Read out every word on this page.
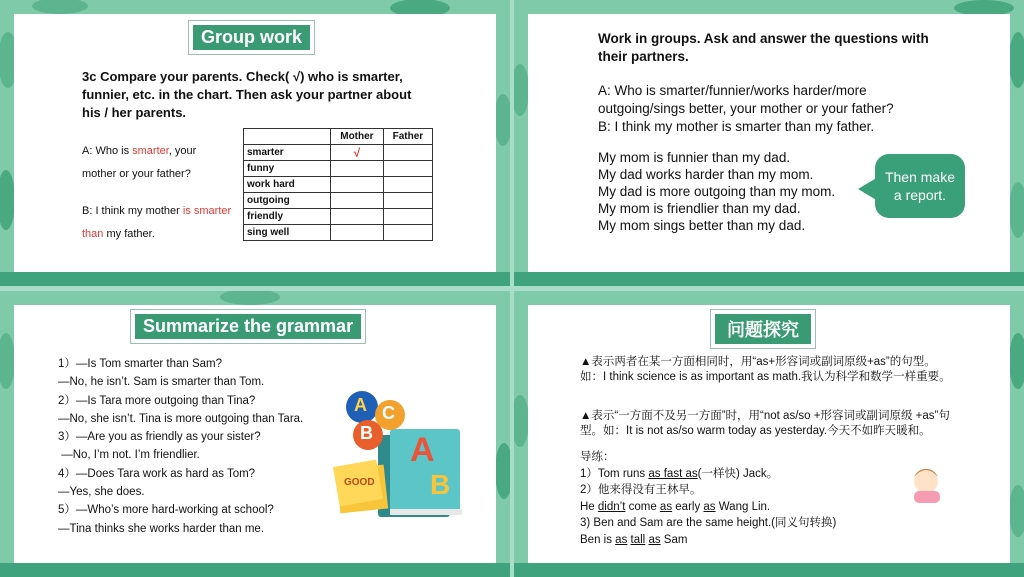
Group work
3c Compare your parents. Check( √) who is smarter, funnier, etc. in the chart. Then ask your partner about his / her parents.
A: Who is smarter, your mother or your father?
B: I think my mother is smarter than my father.
	Mother	Father
smarter	√	
funny		
work hard		
outgoing		
friendly		
sing well		
Work in groups. Ask and answer the questions with their partners.
A: Who is smarter/funnier/works harder/more outgoing/sings better, your mother or your father?
B: I think my mother is smarter than my father.
My mom is funnier than my dad.
My dad works harder than my mom.
My dad is more outgoing than my mom.
My mom is friendlier than my dad.
My mom sings better than my dad.
Then make a report.
Summarize the grammar
1）—Is Tom smarter than Sam?
—No, he isn’t. Sam is smarter than Tom.
2）—Is Tara more outgoing than Tina?
—No, she isn’t. Tina is more outgoing than Tara.
3）—Are you as friendly as your sister?
—No, I’m not. I’m friendlier.
4）—Does Tara work as hard as Tom?
—Yes, she does.
5）—Who’s more hard-working at school?
—Tina thinks she works harder than me.
A C
B A
B
GOOD
问题探究
▲表示两者在某一方面相同时，用“as+形容词或副词原级+as”的句型。如：I think science is as important as math.我认为科学和数学一样重要。
▲表示“一方面不及另一方面”时，用“not as/so +形容词或副词原级 +as”句型。如：It is not as/so warm today as yesterday.今天不如昨天暖和。
导练：
1）Tom runs as fast as(一样快) Jack。
2）他来得没有王林早。
He didn’t come as early as Wang Lin.
3) Ben and Sam are the same height.(同义句转换)
Ben is as tall as Sam
